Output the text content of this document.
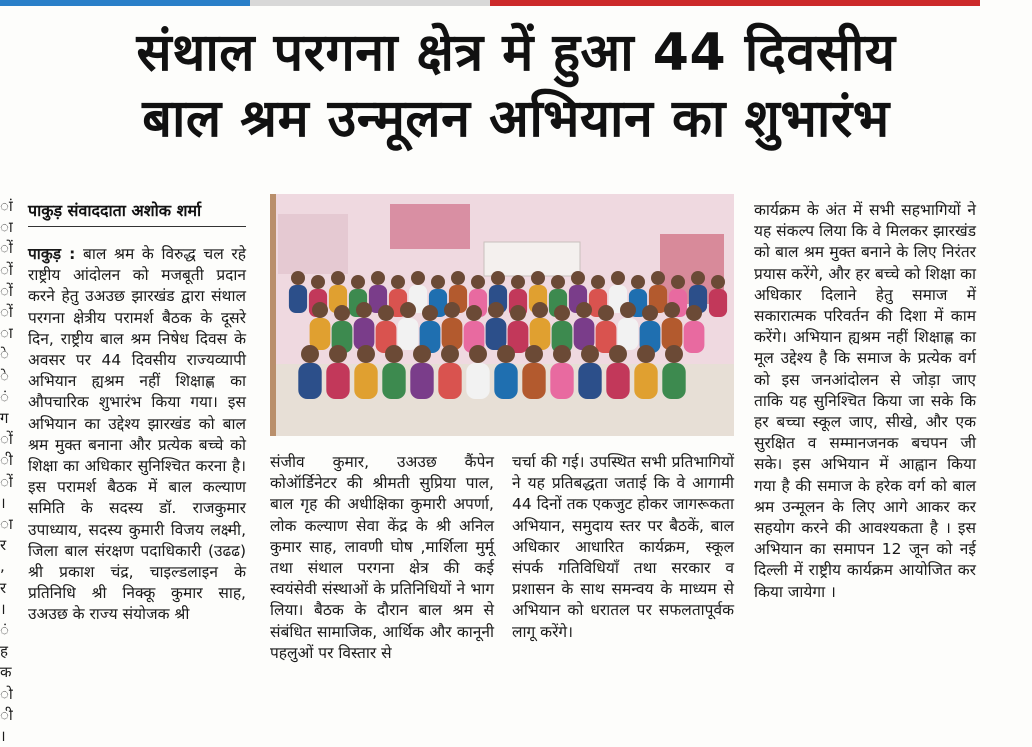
संथाल परगना क्षेत्र में हुआ 44 दिवसीय
बाल श्रम उन्मूलन अभियान का शुभारंभ
ां
ा
ों
ों
ों
ों
ा
े
े
ं
ग
ों
ी
ों
।
ा
र
,
र
।
ं
ह
क
ो
ी
।
पाकुड़ संवाददाता अशोक शर्मा

पाकुड़ : बाल श्रम के विरुद्ध चल रहे राष्ट्रीय आंदोलन को मजबूती प्रदान करने हेतु उअउछ झारखंड द्वारा संथाल परगना क्षेत्रीय परामर्श बैठक के दूसरे दिन, राष्ट्रीय बाल श्रम निषेध दिवस के अवसर पर 44 दिवसीय राज्यव्यापी अभियान ह्यश्रम नहीं शिक्षाह्ण का औपचारिक शुभारंभ किया गया। इस अभियान का उद्देश्य झारखंड को बाल श्रम मुक्त बनाना और प्रत्येक बच्चे को शिक्षा का अधिकार सुनिश्चित करना है। इस परामर्श बैठक में बाल कल्याण समिति के सदस्य डॉ. राजकुमार उपाध्याय, सदस्य कुमारी विजय लक्ष्मी, जिला बाल संरक्षण पदाधिकारी (उढढ) श्री प्रकाश चंद्र, चाइल्डलाइन के प्रतिनिधि श्री निक्कू कुमार साह, उअउछ के राज्य संयोजक श्री

संजीव कुमार, उअउछ कैंपेन कोऑर्डिनेटर की श्रीमती सुप्रिया पाल, बाल गृह की अधीक्षिका कुमारी अपर्णा, लोक कल्याण सेवा केंद्र के श्री अनिल कुमार साह, लावणी घोष ,मार्शिला मुर्मू तथा संथाल परगना क्षेत्र की कई स्वयंसेवी संस्थाओं के प्रतिनिधियों ने भाग लिया। बैठक के दौरान बाल श्रम से संबंधित सामाजिक, आर्थिक और कानूनी पहलुओं पर विस्तार से

चर्चा की गई। उपस्थित सभी प्रतिभागियों ने यह प्रतिबद्धता जताई कि वे आगामी 44 दिनों तक एकजुट होकर जागरूकता अभियान, समुदाय स्तर पर बैठकें, बाल अधिकार आधारित कार्यक्रम, स्कूल संपर्क गतिविधियाँ तथा सरकार व प्रशासन के साथ समन्वय के माध्यम से अभियान को धरातल पर सफलतापूर्वक लागू करेंगे।

कार्यक्रम के अंत में सभी सहभागियों ने यह संकल्प लिया कि वे मिलकर झारखंड को बाल श्रम मुक्त बनाने के लिए निरंतर प्रयास करेंगे, और हर बच्चे को शिक्षा का अधिकार दिलाने हेतु समाज में सकारात्मक परिवर्तन की दिशा में काम करेंगे। अभियान ह्यश्रम नहीं शिक्षाह्ण का मूल उद्देश्य है कि समाज के प्रत्येक वर्ग को इस जनआंदोलन से जोड़ा जाए ताकि यह सुनिश्चित किया जा सके कि हर बच्चा स्कूल जाए, सीखे, और एक सुरक्षित व सम्मानजनक बचपन जी सके। इस अभियान में आह्वान किया गया है की समाज के हरेक वर्ग को बाल श्रम उन्मूलन के लिए आगे आकर कर सहयोग करने की आवश्यकता है । इस अभियान का समापन 12 जून को नई दिल्ली में राष्ट्रीय कार्यक्रम आयोजित कर किया जायेगा ।
